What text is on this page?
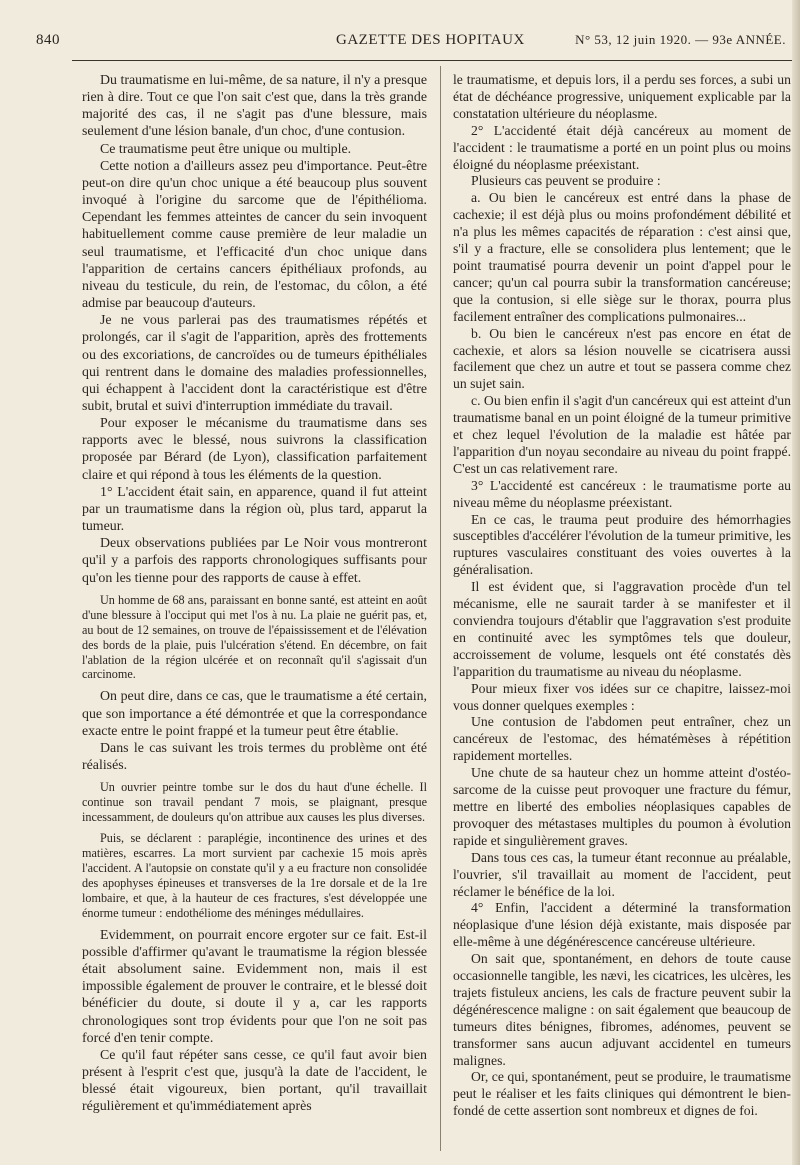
840	GAZETTE DES HOPITAUX	N° 53, 12 juin 1920. — 93e ANNÉE.

Du traumatisme en lui-même, de sa nature, il n'y a presque rien à dire. Tout ce que l'on sait c'est que, dans la très grande majorité des cas, il ne s'agit pas d'une blessure, mais seulement d'une lésion banale, d'un choc, d'une contusion.

Ce traumatisme peut être unique ou multiple.

Cette notion a d'ailleurs assez peu d'importance. Peut-être peut-on dire qu'un choc unique a été beaucoup plus souvent invoqué à l'origine du sarcome que de l'épithélioma. Cependant les femmes atteintes de cancer du sein invoquent habituellement comme cause première de leur maladie un seul traumatisme, et l'efficacité d'un choc unique dans l'apparition de certains cancers épithéliaux profonds, au niveau du testicule, du rein, de l'estomac, du côlon, a été admise par beaucoup d'auteurs.

Je ne vous parlerai pas des traumatismes répétés et prolongés, car il s'agit de l'apparition, après des frottements ou des excoriations, de cancroïdes ou de tumeurs épithéliales qui rentrent dans le domaine des maladies professionnelles, qui échappent à l'accident dont la caractéristique est d'être subit, brutal et suivi d'interruption immédiate du travail.

Pour exposer le mécanisme du traumatisme dans ses rapports avec le blessé, nous suivrons la classification proposée par Bérard (de Lyon), classification parfaitement claire et qui répond à tous les éléments de la question.

1° L'accident était sain, en apparence, quand il fut atteint par un traumatisme dans la région où, plus tard, apparut la tumeur.

Deux observations publiées par Le Noir vous montreront qu'il y a parfois des rapports chronologiques suffisants pour qu'on les tienne pour des rapports de cause à effet.

Un homme de 68 ans, paraissant en bonne santé, est atteint en août d'une blessure à l'occiput qui met l'os à nu. La plaie ne guérit pas, et, au bout de 12 semaines, on trouve de l'épaississement et de l'élévation des bords de la plaie, puis l'ulcération s'étend. En décembre, on fait l'ablation de la région ulcérée et on reconnaît qu'il s'agissait d'un carcinome.

On peut dire, dans ce cas, que le traumatisme a été certain, que son importance a été démontrée et que la correspondance exacte entre le point frappé et la tumeur peut être établie.

Dans le cas suivant les trois termes du problème ont été réalisés.

Un ouvrier peintre tombe sur le dos du haut d'une échelle. Il continue son travail pendant 7 mois, se plaignant, presque incessamment, de douleurs qu'on attribue aux causes les plus diverses.

Puis, se déclarent : paraplégie, incontinence des urines et des matières, escarres. La mort survient par cachexie 15 mois après l'accident. A l'autopsie on constate qu'il y a eu fracture non consolidée des apophyses épineuses et transverses de la 1re dorsale et de la 1re lombaire, et que, à la hauteur de ces fractures, s'est développée une énorme tumeur : endothéliome des méninges médullaires.

Evidemment, on pourrait encore ergoter sur ce fait. Est-il possible d'affirmer qu'avant le traumatisme la région blessée était absolument saine. Evidemment non, mais il est impossible également de prouver le contraire, et le blessé doit bénéficier du doute, si doute il y a, car les rapports chronologiques sont trop évidents pour que l'on ne soit pas forcé d'en tenir compte.

Ce qu'il faut répéter sans cesse, ce qu'il faut avoir bien présent à l'esprit c'est que, jusqu'à la date de l'accident, le blessé était vigoureux, bien portant, qu'il travaillait régulièrement et qu'immédiatement après

le traumatisme, et depuis lors, il a perdu ses forces, a subi un état de déchéance progressive, uniquement explicable par la constatation ultérieure du néoplasme.

2° L'accidenté était déjà cancéreux au moment de l'accident : le traumatisme a porté en un point plus ou moins éloigné du néoplasme préexistant.

Plusieurs cas peuvent se produire :

a. Ou bien le cancéreux est entré dans la phase de cachexie; il est déjà plus ou moins profondément débilité et n'a plus les mêmes capacités de réparation : c'est ainsi que, s'il y a fracture, elle se consolidera plus lentement; que le point traumatisé pourra devenir un point d'appel pour le cancer; qu'un cal pourra subir la transformation cancéreuse; que la contusion, si elle siège sur le thorax, pourra plus facilement entraîner des complications pulmonaires...

b. Ou bien le cancéreux n'est pas encore en état de cachexie, et alors sa lésion nouvelle se cicatrisera aussi facilement que chez un autre et tout se passera comme chez un sujet sain.

c. Ou bien enfin il s'agit d'un cancéreux qui est atteint d'un traumatisme banal en un point éloigné de la tumeur primitive et chez lequel l'évolution de la maladie est hâtée par l'apparition d'un noyau secondaire au niveau du point frappé. C'est un cas relativement rare.

3° L'accidenté est cancéreux : le traumatisme porte au niveau même du néoplasme préexistant.

En ce cas, le trauma peut produire des hémorrhagies susceptibles d'accélérer l'évolution de la tumeur primitive, les ruptures vasculaires constituant des voies ouvertes à la généralisation.

Il est évident que, si l'aggravation procède d'un tel mécanisme, elle ne saurait tarder à se manifester et il conviendra toujours d'établir que l'aggravation s'est produite en continuité avec les symptômes tels que douleur, accroissement de volume, lesquels ont été constatés dès l'apparition du traumatisme au niveau du néoplasme.

Pour mieux fixer vos idées sur ce chapitre, laissez-moi vous donner quelques exemples :

Une contusion de l'abdomen peut entraîner, chez un cancéreux de l'estomac, des hématémèses à répétition rapidement mortelles.

Une chute de sa hauteur chez un homme atteint d'ostéo-sarcome de la cuisse peut provoquer une fracture du fémur, mettre en liberté des embolies néoplasiques capables de provoquer des métastases multiples du poumon à évolution rapide et singulièrement graves.

Dans tous ces cas, la tumeur étant reconnue au préalable, l'ouvrier, s'il travaillait au moment de l'accident, peut réclamer le bénéfice de la loi.

4° Enfin, l'accident a déterminé la transformation néoplasique d'une lésion déjà existante, mais disposée par elle-même à une dégénérescence cancéreuse ultérieure.

On sait que, spontanément, en dehors de toute cause occasionnelle tangible, les nævi, les cicatrices, les ulcères, les trajets fistuleux anciens, les cals de fracture peuvent subir la dégénérescence maligne : on sait également que beaucoup de tumeurs dites bénignes, fibromes, adénomes, peuvent se transformer sans aucun adjuvant accidentel en tumeurs malignes.

Or, ce qui, spontanément, peut se produire, le traumatisme peut le réaliser et les faits cliniques qui démontrent le bien-fondé de cette assertion sont nombreux et dignes de foi.
